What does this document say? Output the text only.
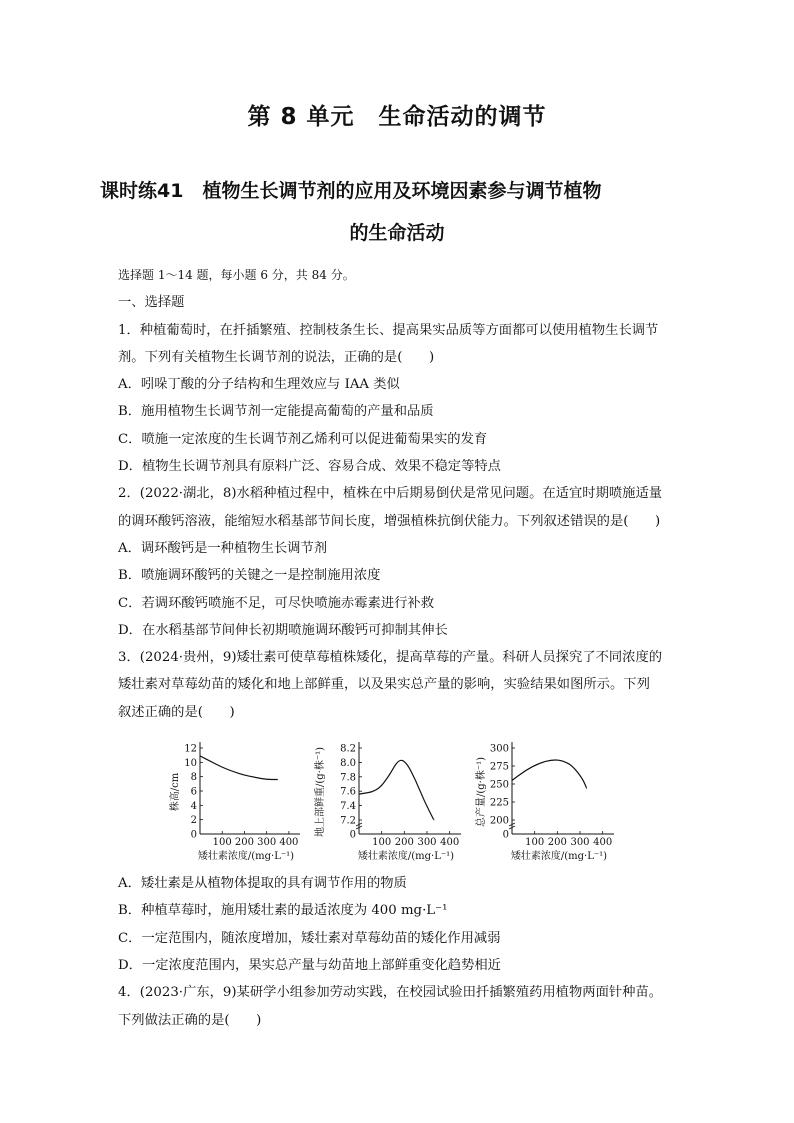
第 8 单元　生命活动的调节
课时练41　植物生长调节剂的应用及环境因素参与调节植物
的生命活动
选择题 1～14 题，每小题 6 分，共 84 分。
一、选择题
1．种植葡萄时，在扦插繁殖、控制枝条生长、提高果实品质等方面都可以使用植物生长调节
剂。下列有关植物生长调节剂的说法，正确的是(　　)
A．吲哚丁酸的分子结构和生理效应与 IAA 类似
B．施用植物生长调节剂一定能提高葡萄的产量和品质
C．喷施一定浓度的生长调节剂乙烯利可以促进葡萄果实的发育
D．植物生长调节剂具有原料广泛、容易合成、效果不稳定等特点
2．(2022·湖北，8)水稻种植过程中，植株在中后期易倒伏是常见问题。在适宜时期喷施适量
的调环酸钙溶液，能缩短水稻基部节间长度，增强植株抗倒伏能力。下列叙述错误的是(　　)
A．调环酸钙是一种植物生长调节剂
B．喷施调环酸钙的关键之一是控制施用浓度
C．若调环酸钙喷施不足，可尽快喷施赤霉素进行补救
D．在水稻基部节间伸长初期喷施调环酸钙可抑制其伸长
3．(2024·贵州，9)矮壮素可使草莓植株矮化，提高草莓的产量。科研人员探究了不同浓度的
矮壮素对草莓幼苗的矮化和地上部鲜重，以及果实总产量的影响，实验结果如图所示。下列
叙述正确的是(　　)
0
2
4
6
8
10
12
100 200 300 400
矮壮素浓度/(mg·L⁻¹)
株高/cm
0
7.2
7.4
7.6
7.8
8.0
8.2
100 200 300 400
矮壮素浓度/(mg·L⁻¹)
地上部鲜重/(g·株⁻¹)	0
200
225
250
275
300
100 200 300 400
矮壮素浓度/(mg·L⁻¹)
总产量/(g·株⁻¹)
A．矮壮素是从植物体提取的具有调节作用的物质
B．种植草莓时，施用矮壮素的最适浓度为 400 mg·L⁻¹
C．一定范围内，随浓度增加，矮壮素对草莓幼苗的矮化作用减弱
D．一定浓度范围内，果实总产量与幼苗地上部鲜重变化趋势相近
4．(2023·广东，9)某研学小组参加劳动实践，在校园试验田扦插繁殖药用植物两面针种苗。
下列做法正确的是(　　)
